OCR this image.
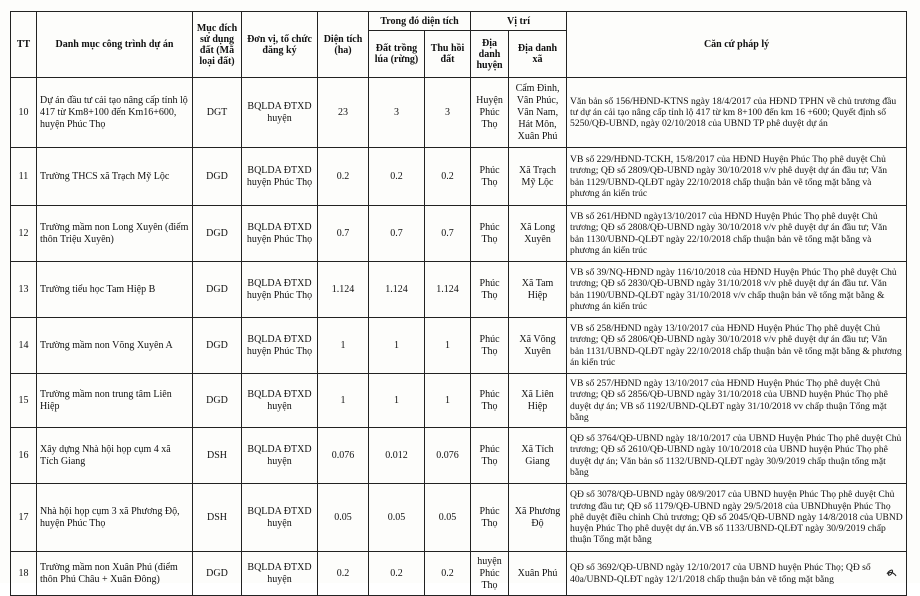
TT	Danh mục công trình dự án	Mục đích sử dụng đất (Mã loại đất)	Đơn vị, tổ chức đăng ký	Diện tích (ha)	Trong đó diện tích		Vị trí		Căn cứ pháp lý
					Đất trồng lúa (rừng)	Thu hồi đất	Địa danh huyện	Địa danh xã	
10	Dự án đầu tư cải tạo nâng cấp tỉnh lộ 417 từ Km8+100 đến Km16+600, huyện Phúc Thọ	DGT	BQLDA ĐTXD huyện	23	3	3	Huyện Phúc Thọ	Cẩm Đình, Vân Phúc, Vân Nam, Hát Môn, Xuân Phú	Văn bản số 156/HĐND-KTNS ngày 18/4/2017 của HĐND TPHN về chủ trương đầu tư dự án cải tạo nâng cấp tỉnh lộ 417 từ km 8+100 đến km 16 +600; Quyết định số 5250/QĐ-UBND, ngày 02/10/2018 của UBND TP phê duyệt dự án
11	Trường THCS xã Trạch Mỹ Lộc	DGD	BQLDA ĐTXD huyện Phúc Thọ	0.2	0.2	0.2	Phúc Thọ	Xã Trạch Mỹ Lộc	VB số 229/HĐND-TCKH, 15/8/2017 của HĐND Huyện Phúc Thọ phê duyệt Chủ trương; QĐ số 2809/QĐ-UBND ngày 30/10/2018 v/v phê duyệt dự án đầu tư; Văn bản 1129/UBND-QLĐT ngày 22/10/2018 chấp thuận bản vẽ tổng mặt bằng và phương án kiến trúc
12	Trường mầm non Long Xuyên (điểm thôn Triệu Xuyên)	DGD	BQLDA ĐTXD huyện Phúc Thọ	0.7	0.7	0.7	Phúc Thọ	Xã Long Xuyên	VB số 261/HĐND ngày13/10/2017 của HĐND Huyện Phúc Thọ phê duyệt Chủ trương; QĐ số 2808/QĐ-UBND ngày 30/10/2018 v/v phê duyệt dự án đầu tư; Văn bản 1130/UBND-QLĐT ngày 22/10/2018 chấp thuận bản vẽ tổng mặt bằng và phương án kiến trúc
13	Trường tiểu học Tam Hiệp B	DGD	BQLDA ĐTXD huyện Phúc Thọ	1.124	1.124	1.124	Phúc Thọ	Xã Tam Hiệp	VB số 39/NQ-HĐND ngày 116/10/2018 của HĐND Huyện Phúc Thọ phê duyệt Chủ trương; QĐ số 2830/QĐ-UBND ngày 31/10/2018 v/v phê duyệt dự án đầu tư. Văn bản 1190/UBND-QLĐT ngày 31/10/2018 v/v chấp thuận bản vẽ tổng mặt bằng & phương án kiến trúc
14	Trường mầm non Võng Xuyên A	DGD	BQLDA ĐTXD huyện Phúc Thọ	1	1	1	Phúc Thọ	Xã Võng Xuyên	VB số 258/HĐND ngày 13/10/2017 của HĐND Huyện Phúc Thọ phê duyệt Chủ trương; QĐ số 2806/QĐ-UBND ngày 30/10/2018 v/v phê duyệt dự án đầu tư; Văn bản 1131/UBND-QLĐT ngày 22/10/2018 chấp thuận bản vẽ tổng mặt bằng & phương án kiến trúc
15	Trường mầm non trung tâm Liên Hiệp	DGD	BQLDA ĐTXD huyện	1	1	1	Phúc Thọ	Xã Liên Hiệp	VB số 257/HĐND ngày 13/10/2017 của HĐND Huyện Phúc Thọ phê duyệt Chủ trương; QĐ số 2856/QĐ-UBND ngày 31/10/2018 của UBND huyện Phúc Thọ phê duyệt dự án; VB số 1192/UBND-QLĐT ngày 31/10/2018 vv chấp thuận Tổng mặt bằng
16	Xây dựng Nhà hội họp cụm 4 xã Tích Giang	DSH	BQLDA ĐTXD huyện	0.076	0.012	0.076	Phúc Thọ	Xã Tích Giang	QĐ số 3764/QĐ-UBND ngày 18/10/2017 của UBND Huyện Phúc Thọ phê duyệt Chủ trương; QĐ số 2610/QĐ-UBND ngày 10/10/2018 của UBND huyện Phúc Thọ phê duyệt dự án; Văn bản số 1132/UBND-QLĐT ngày 30/9/2019 chấp thuận tổng mặt bằng
17	Nhà hội họp cụm 3 xã Phương Độ, huyện Phúc Thọ	DSH	BQLDA ĐTXD huyện	0.05	0.05	0.05	Phúc Thọ	Xã Phương Độ	QĐ số 3078/QĐ-UBND ngày 08/9/2017 của UBND huyện Phúc Thọ phê duyệt Chủ trương đầu tư; QĐ số 1179/QĐ-UBND ngày 29/5/2018 của UBNDhuyện Phúc Thọ phê duyệt điều chỉnh Chủ trương; QĐ số 2045/QĐ-UBND ngày 14/8/2018 của UBND huyện Phúc Thọ phê duyệt dự án.VB số 1133/UBND-QLĐT ngày 30/9/2019 chấp thuận Tổng mặt bằng
18	Trường mầm non Xuân Phú (điểm thôn Phú Châu + Xuân Đông)	DGD	BQLDA ĐTXD huyện	0.2	0.2	0.2	huyện Phúc Thọ	Xuân Phú	QĐ số 3692/QĐ-UBND ngày 12/10/2017 của UBND huyện Phúc Thọ; QĐ số 40a/UBND-QLĐT ngày 12/1/2018 chấp thuận bản vẽ tổng mặt bằng
